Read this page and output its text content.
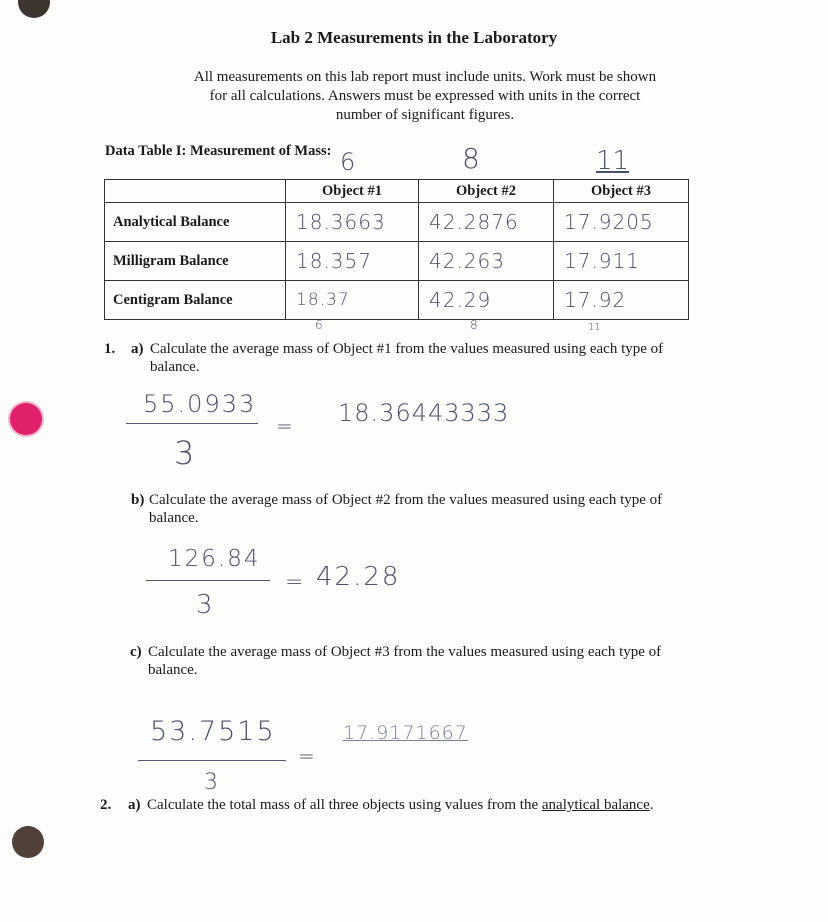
Lab 2 Measurements in the Laboratory
All measurements on this lab report must include units. Work must be shown for all calculations. Answers must be expressed with units in the correct number of significant figures.
Data Table I: Measurement of Mass: 6	8	11
	Object #1	Object #2	Object #3
Analytical Balance	18.3663	42.2876	17.9205
Milligram Balance	18.357	42.263	17.911
Centigram Balance	18.37	42.29	17.92
6	8	11
1. a) Calculate the average mass of Object #1 from the values measured using each type of balance.
55.0933
3
= 18.36443333
b) Calculate the average mass of Object #2 from the values measured using each type of balance.
126.84
3
= 42.28
c) Calculate the average mass of Object #3 from the values measured using each type of balance.
53.7515
3
=
17.9171667
2. a) Calculate the total mass of all three objects using values from the analytical balance.
